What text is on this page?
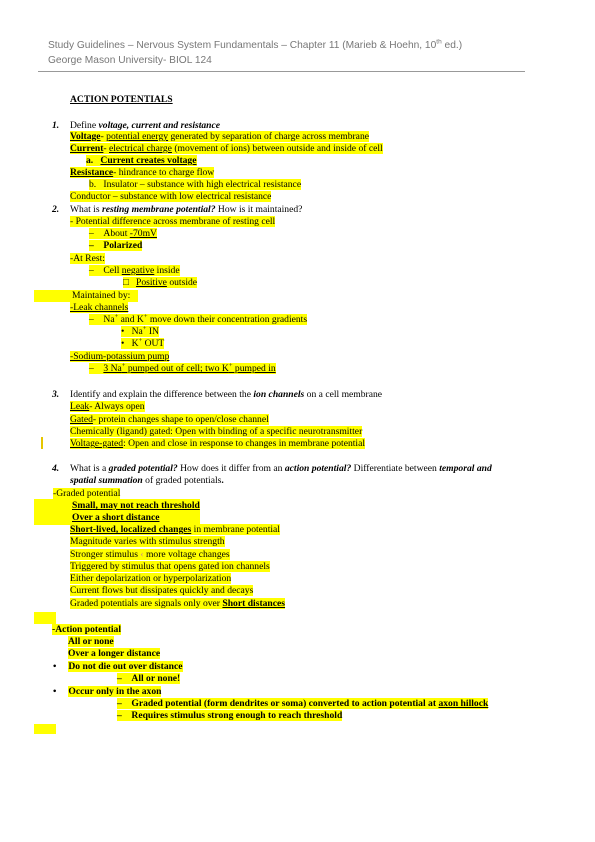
Study Guidelines – Nervous System Fundamentals – Chapter 11 (Marieb & Hoehn, 10th ed.)
George Mason University- BIOL 124
ACTION POTENTIALS
1. Define voltage, current and resistance
Voltage- potential energy generated by separation of charge across membrane
Current- electrical charge (movement of ions) between outside and inside of cell
a. Current creates voltage
Resistance- hindrance to charge flow
b. Insulator – substance with high electrical resistance
Conductor – substance with low electrical resistance
2. What is resting membrane potential? How is it maintained?
- Potential difference across membrane of resting cell
– About -70mV
– Polarized
-At Rest:
– Cell negative inside
□ Positive outside
Maintained by:
-Leak channels
– Na+ and K+ move down their concentration gradients
• Na+ IN
• K+ OUT
-Sodium-potassium pump
– 3 Na+ pumped out of cell; two K+ pumped in
3. Identify and explain the difference between the ion channels on a cell membrane
Leak- Always open
Gated- protein changes shape to open/close channel
Chemically (ligand) gated: Open with binding of a specific neurotransmitter
Voltage-gated: Open and close in response to changes in membrane potential
4. What is a graded potential? How does it differ from an action potential? Differentiate between temporal and
spatial summation of graded potentials.
-Graded potential
Small, may not reach threshold
Over a short distance
Short-lived, localized changes in membrane potential
Magnitude varies with stimulus strength
Stronger stimulus ‹ more voltage changes
Triggered by stimulus that opens gated ion channels
Either depolarization or hyperpolarization
Current flows but dissipates quickly and decays
Graded potentials are signals only over Short distances
-Action potential
All or none
Over a longer distance
• Do not die out over distance
– All or none!
• Occur only in the axon
– Graded potential (form dendrites or soma) converted to action potential at axon hillock
– Requires stimulus strong enough to reach threshold
